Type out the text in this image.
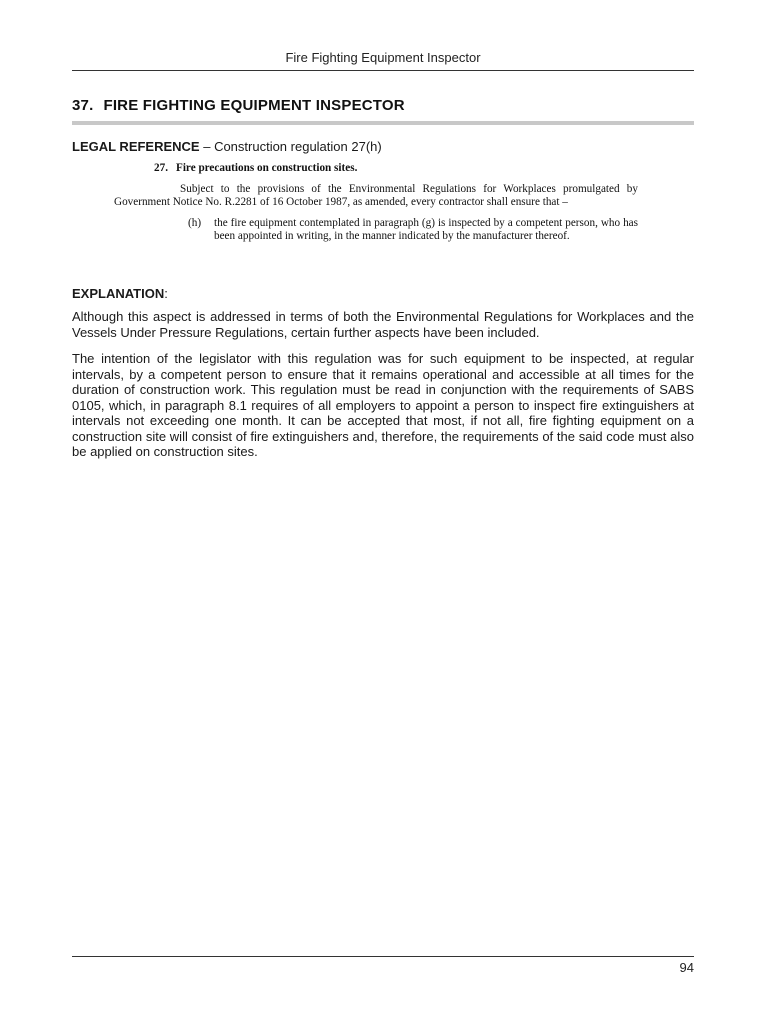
Fire Fighting Equipment Inspector
37. FIRE FIGHTING EQUIPMENT INSPECTOR
LEGAL REFERENCE – Construction regulation 27(h)
27. Fire precautions on construction sites.
Subject to the provisions of the Environmental Regulations for Workplaces promulgated by Government Notice No. R.2281 of 16 October 1987, as amended, every contractor shall ensure that –
(h)	the fire equipment contemplated in paragraph (g) is inspected by a competent person, who has been appointed in writing, in the manner indicated by the manufacturer thereof.
EXPLANATION:

Although this aspect is addressed in terms of both the Environmental Regulations for Workplaces and the Vessels Under Pressure Regulations, certain further aspects have been included.

The intention of the legislator with this regulation was for such equipment to be inspected, at regular intervals, by a competent person to ensure that it remains operational and accessible at all times for the duration of construction work. This regulation must be read in conjunction with the requirements of SABS 0105, which, in paragraph 8.1 requires of all employers to appoint a person to inspect fire extinguishers at intervals not exceeding one month. It can be accepted that most, if not all, fire fighting equipment on a construction site will consist of fire extinguishers and, therefore, the requirements of the said code must also be applied on construction sites.

94
